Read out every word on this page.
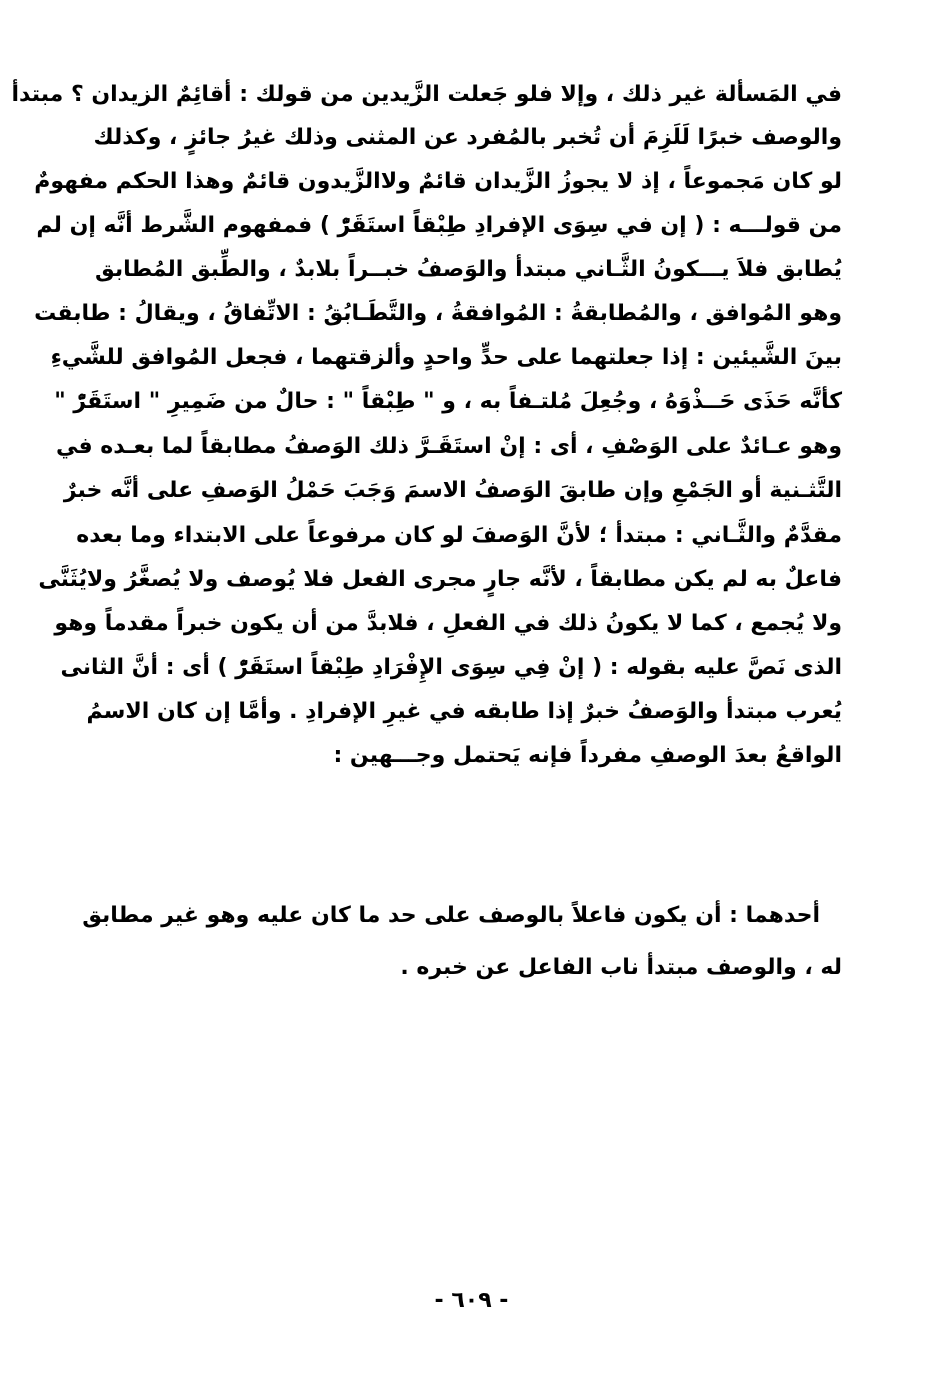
في المَسألة غير ذلك ، وإلا فلو جَعلت الزَّيدين من قولك : أقائِمٌ الزيدان ؟ مبتدأ
والوصف خبرًا لَلَزِمَ أن تُخبر بالمُفرد عن المثنى وذلك غيرُ جائزٍ ، وكذلك
لو كان مَجموعاً ، إذ لا يجوزُ الزَّيدان قائمٌ ولاالزَّيدون قائمٌ وهذا الحكم مفهومٌ
من قولـــه : ( إن في سِوَى الإفرادِ طِبْقاً استَقَرّْ ) فمفهوم الشَّرط أنَّه إن لم
يُطابق فلاَ يـــكونُ الثَّـاني مبتدأ والوَصفُ خبــراً بلابدٌ ، والطِّبق المُطابق
وهو المُوافق ، والمُطابقةُ : المُوافقةُ ، والتَّطَـابُقُ : الاتِّفاقُ ، ويقالُ : طابقت
بينَ الشَّيئين : إذا جعلتهما على حدٍّ واحدٍ وألزقتهما ، فجعل المُوافق للشَّيءِ
كأنَّه حَذَى حَــذْوَهُ ، وجُعِلَ مُلتـفاً به ، و " طِبْقاً " : حالٌ من ضَمِيرِ " استَقَرّْ "
وهو عـائدٌ على الوَصْفِ ، أى : إنْ استَقَـرَّ ذلك الوَصفُ مطابقاً لما بعـده في
التَّثـنية أو الجَمْعِ وإن طابقَ الوَصفُ الاسمَ وَجَبَ حَمْلُ الوَصفِ على أنَّه خبرٌ
مقدَّمٌ والثَّـاني : مبتدأ ؛ لأنَّ الوَصفَ لو كان مرفوعاً على الابتداء وما بعده
فاعلٌ به لم يكن مطابقاً ، لأنَّه جارٍ مجرى الفعل فلا يُوصف ولا يُصغَّرُ ولايُثَنَّى
ولا يُجمع ، كما لا يكونُ ذلك في الفعلِ ، فلابدَّ من أن يكون خبراً مقدماً وهو
الذى نَصَّ عليه بقوله : ( إنْ فِي سِوَى الإِفْرَادِ طِبْقاً استَقَرّْ ) أى : أنَّ الثانى
يُعرب مبتدأ والوَصفُ خبرٌ إذا طابقه في غيرِ الإفرادِ . وأمَّا إن كان الاسمُ
الواقعُ بعدَ الوصفِ مفرداً فإنه يَحتمل وجـــهين :
أحدهما : أن يكون فاعلاً بالوصف على حد ما كان عليه وهو غير مطابق
له ، والوصف مبتدأ ناب الفاعل عن خبره .
- ٦٠٩ -
